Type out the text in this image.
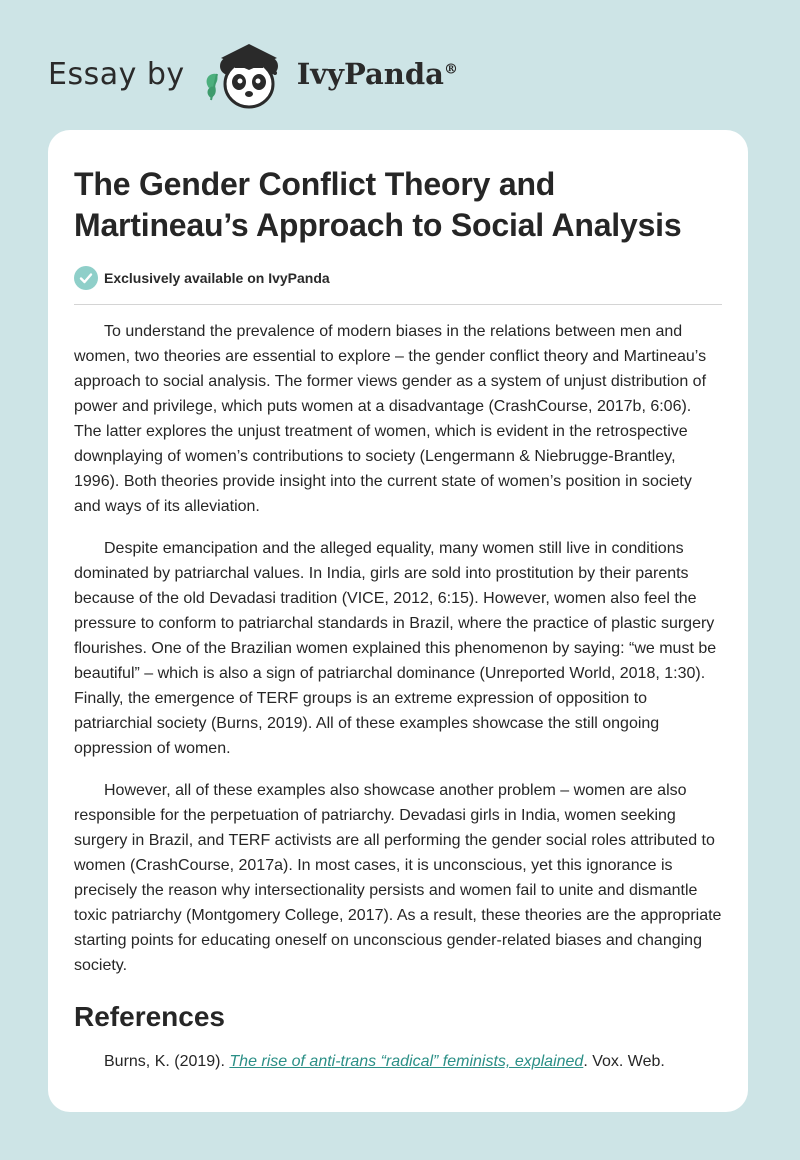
Essay by	IvyPanda®
The Gender Conflict Theory and
Martineau’s Approach to Social Analysis
Exclusively available on IvyPanda

To understand the prevalence of modern biases in the relations between men and women, two theories are essential to explore – the gender conflict theory and Martineau’s approach to social analysis. The former views gender as a system of unjust distribution of power and privilege, which puts women at a disadvantage (CrashCourse, 2017b, 6:06). The latter explores the unjust treatment of women, which is evident in the retrospective downplaying of women’s contributions to society (Lengermann & Niebrugge-Brantley, 1996). Both theories provide insight into the current state of women’s position in society and ways of its alleviation.

Despite emancipation and the alleged equality, many women still live in conditions dominated by patriarchal values. In India, girls are sold into prostitution by their parents because of the old Devadasi tradition (VICE, 2012, 6:15). However, women also feel the pressure to conform to patriarchal standards in Brazil, where the practice of plastic surgery flourishes. One of the Brazilian women explained this phenomenon by saying: “we must be beautiful” – which is also a sign of patriarchal dominance (Unreported World, 2018, 1:30). Finally, the emergence of TERF groups is an extreme expression of opposition to patriarchial society (Burns, 2019). All of these examples showcase the still ongoing oppression of women.

However, all of these examples also showcase another problem – women are also responsible for the perpetuation of patriarchy. Devadasi girls in India, women seeking surgery in Brazil, and TERF activists are all performing the gender social roles attributed to women (CrashCourse, 2017a). In most cases, it is unconscious, yet this ignorance is precisely the reason why intersectionality persists and women fail to unite and dismantle toxic patriarchy (Montgomery College, 2017). As a result, these theories are the appropriate starting points for educating oneself on unconscious gender-related biases and changing society.

References
Burns, K. (2019). The rise of anti-trans “radical” feminists, explained. Vox. Web.
